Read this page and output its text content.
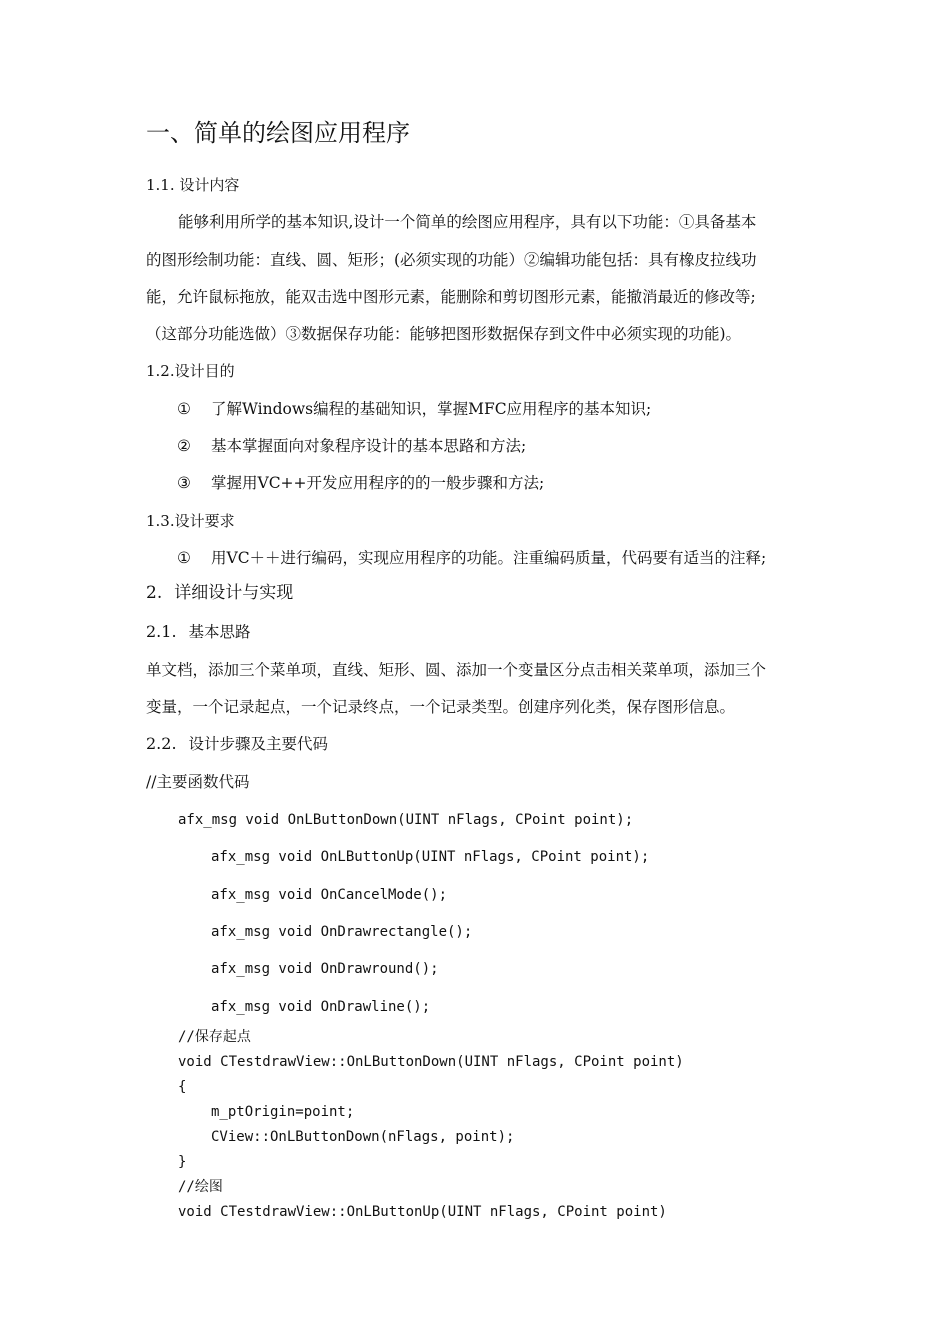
一、简单的绘图应用程序
1.1. 设计内容
能够利用所学的基本知识,设计一个简单的绘图应用程序，具有以下功能：①具备基本
的图形绘制功能：直线、圆、矩形；(必须实现的功能）②编辑功能包括：具有橡皮拉线功
能，允许鼠标拖放，能双击选中图形元素，能删除和剪切图形元素，能撤消最近的修改等;
（这部分功能选做）③数据保存功能：能够把图形数据保存到文件中必须实现的功能)。
1.2.设计目的
① 了解Windows编程的基础知识，掌握MFC应用程序的基本知识;
② 基本掌握面向对象程序设计的基本思路和方法;
③ 掌握用VC++开发应用程序的的一般步骤和方法;
1.3.设计要求
① 用VC＋＋进行编码，实现应用程序的功能。注重编码质量，代码要有适当的注释;
2. 详细设计与实现
2.1. 基本思路
单文档，添加三个菜单项，直线、矩形、圆、添加一个变量区分点击相关菜单项，添加三个
变量，一个记录起点，一个记录终点，一个记录类型。创建序列化类，保存图形信息。
2.2. 设计步骤及主要代码
//主要函数代码
afx_msg void OnLButtonDown(UINT nFlags, CPoint point);
afx_msg void OnLButtonUp(UINT nFlags, CPoint point);
afx_msg void OnCancelMode();
afx_msg void OnDrawrectangle();
afx_msg void OnDrawround();
afx_msg void OnDrawline();
//保存起点
void CTestdrawView::OnLButtonDown(UINT nFlags, CPoint point)
{
m_ptOrigin=point;
CView::OnLButtonDown(nFlags, point);
}
//绘图
void CTestdrawView::OnLButtonUp(UINT nFlags, CPoint point)
